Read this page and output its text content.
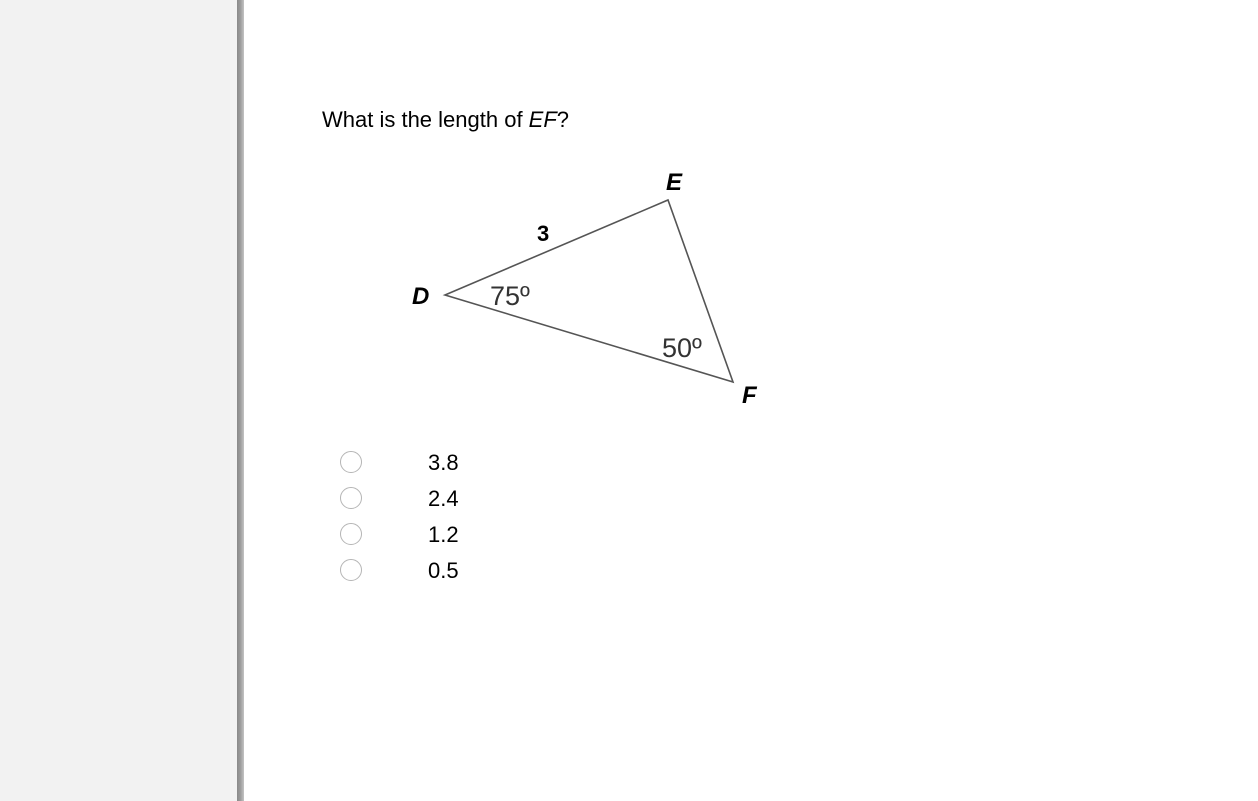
What is the length of EF?
D
E
F
3
75º
50º
3.8
2.4
1.2
0.5
